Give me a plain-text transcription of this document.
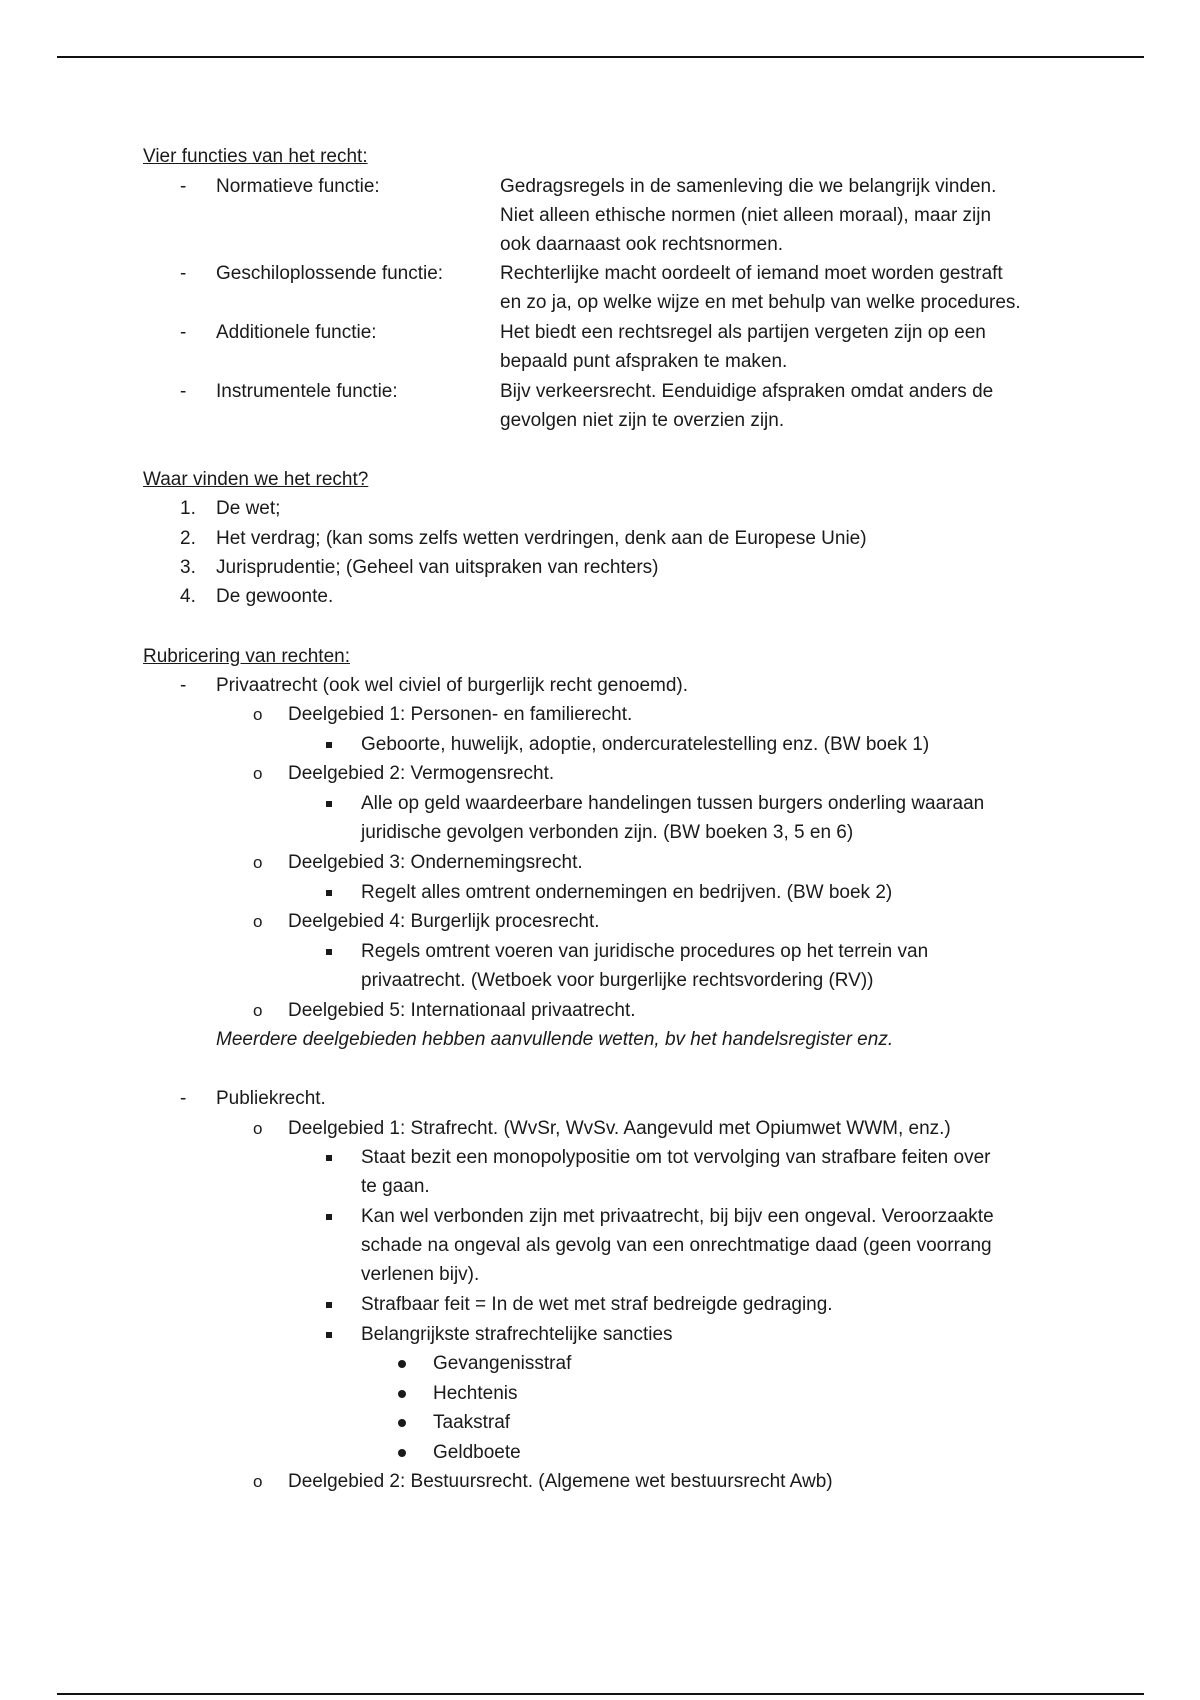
Vier functies van het recht:
- Normatieve functie:	Gedragsregels in de samenleving die we belangrijk vinden.
Niet alleen ethische normen (niet alleen moraal), maar zijn
ook daarnaast ook rechtsnormen.
- Geschiloplossende functie:	Rechterlijke macht oordeelt of iemand moet worden gestraft
en zo ja, op welke wijze en met behulp van welke procedures.
- Additionele functie:	Het biedt een rechtsregel als partijen vergeten zijn op een
bepaald punt afspraken te maken.
- Instrumentele functie:	Bijv verkeersrecht. Eenduidige afspraken omdat anders de
gevolgen niet zijn te overzien zijn.
Waar vinden we het recht?
1. De wet;
2. Het verdrag; (kan soms zelfs wetten verdringen, denk aan de Europese Unie)
3. Jurisprudentie; (Geheel van uitspraken van rechters)
4. De gewoonte.
Rubricering van rechten:
- Privaatrecht (ook wel civiel of burgerlijk recht genoemd).
o Deelgebied 1: Personen- en familierecht.
Geboorte, huwelijk, adoptie, ondercuratelestelling enz. (BW boek 1)
o Deelgebied 2: Vermogensrecht.
Alle op geld waardeerbare handelingen tussen burgers onderling waaraan
juridische gevolgen verbonden zijn. (BW boeken 3, 5 en 6)
o Deelgebied 3: Ondernemingsrecht.
Regelt alles omtrent ondernemingen en bedrijven. (BW boek 2)
o Deelgebied 4: Burgerlijk procesrecht.
Regels omtrent voeren van juridische procedures op het terrein van
privaatrecht. (Wetboek voor burgerlijke rechtsvordering (RV))
o Deelgebied 5: Internationaal privaatrecht.
Meerdere deelgebieden hebben aanvullende wetten, bv het handelsregister enz.
- Publiekrecht.
o Deelgebied 1: Strafrecht. (WvSr, WvSv. Aangevuld met Opiumwet WWM, enz.)
Staat bezit een monopolypositie om tot vervolging van strafbare feiten over
te gaan.
Kan wel verbonden zijn met privaatrecht, bij bijv een ongeval. Veroorzaakte
schade na ongeval als gevolg van een onrechtmatige daad (geen voorrang
verlenen bijv).
Strafbaar feit = In de wet met straf bedreigde gedraging.
Belangrijkste strafrechtelijke sancties
Gevangenisstraf
Hechtenis
Taakstraf
Geldboete
o Deelgebied 2: Bestuursrecht. (Algemene wet bestuursrecht Awb)
